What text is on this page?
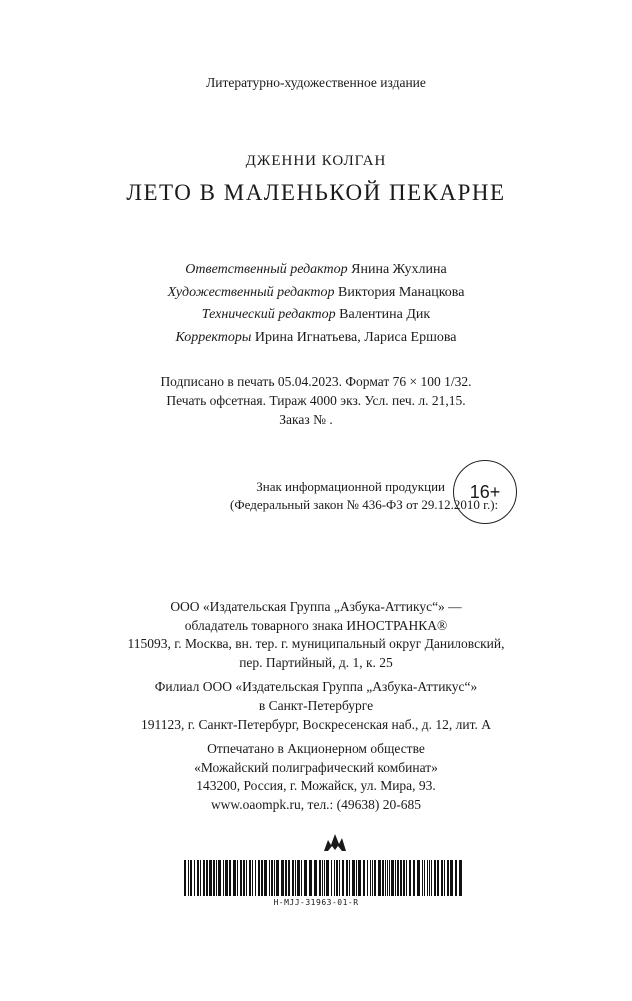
Литературно-художественное издание
ДЖЕННИ КОЛГАН
ЛЕТО В МАЛЕНЬКОЙ ПЕКАРНЕ
Ответственный редактор Янина Жухлина
Художественный редактор Виктория Манацкова
Технический редактор Валентина Дик
Корректоры Ирина Игнатьева, Лариса Ершова
Подписано в печать 05.04.2023. Формат 76 × 100 1/32.
Печать офсетная. Тираж 4000 экз. Усл. печ. л. 21,15.
Заказ № .
Знак информационной продукции
(Федеральный закон № 436-ФЗ от 29.12.2010 г.):
16+
ООО «Издательская Группа „Азбука-Аттикус“» —
обладатель товарного знака ИНОСТРАНКА®
115093, г. Москва, вн. тер. г. муниципальный округ Даниловский,
пер. Партийный, д. 1, к. 25
Филиал ООО «Издательская Группа „Азбука-Аттикус“»
в Санкт-Петербурге
191123, г. Санкт-Петербург, Воскресенская наб., д. 12, лит. А
Отпечатано в Акционерном обществе
«Можайский полиграфический комбинат»
143200, Россия, г. Можайск, ул. Мира, 93.
www.oaompk.ru, тел.: (49638) 20-685
Н-МЈЈ-31963-01-R
